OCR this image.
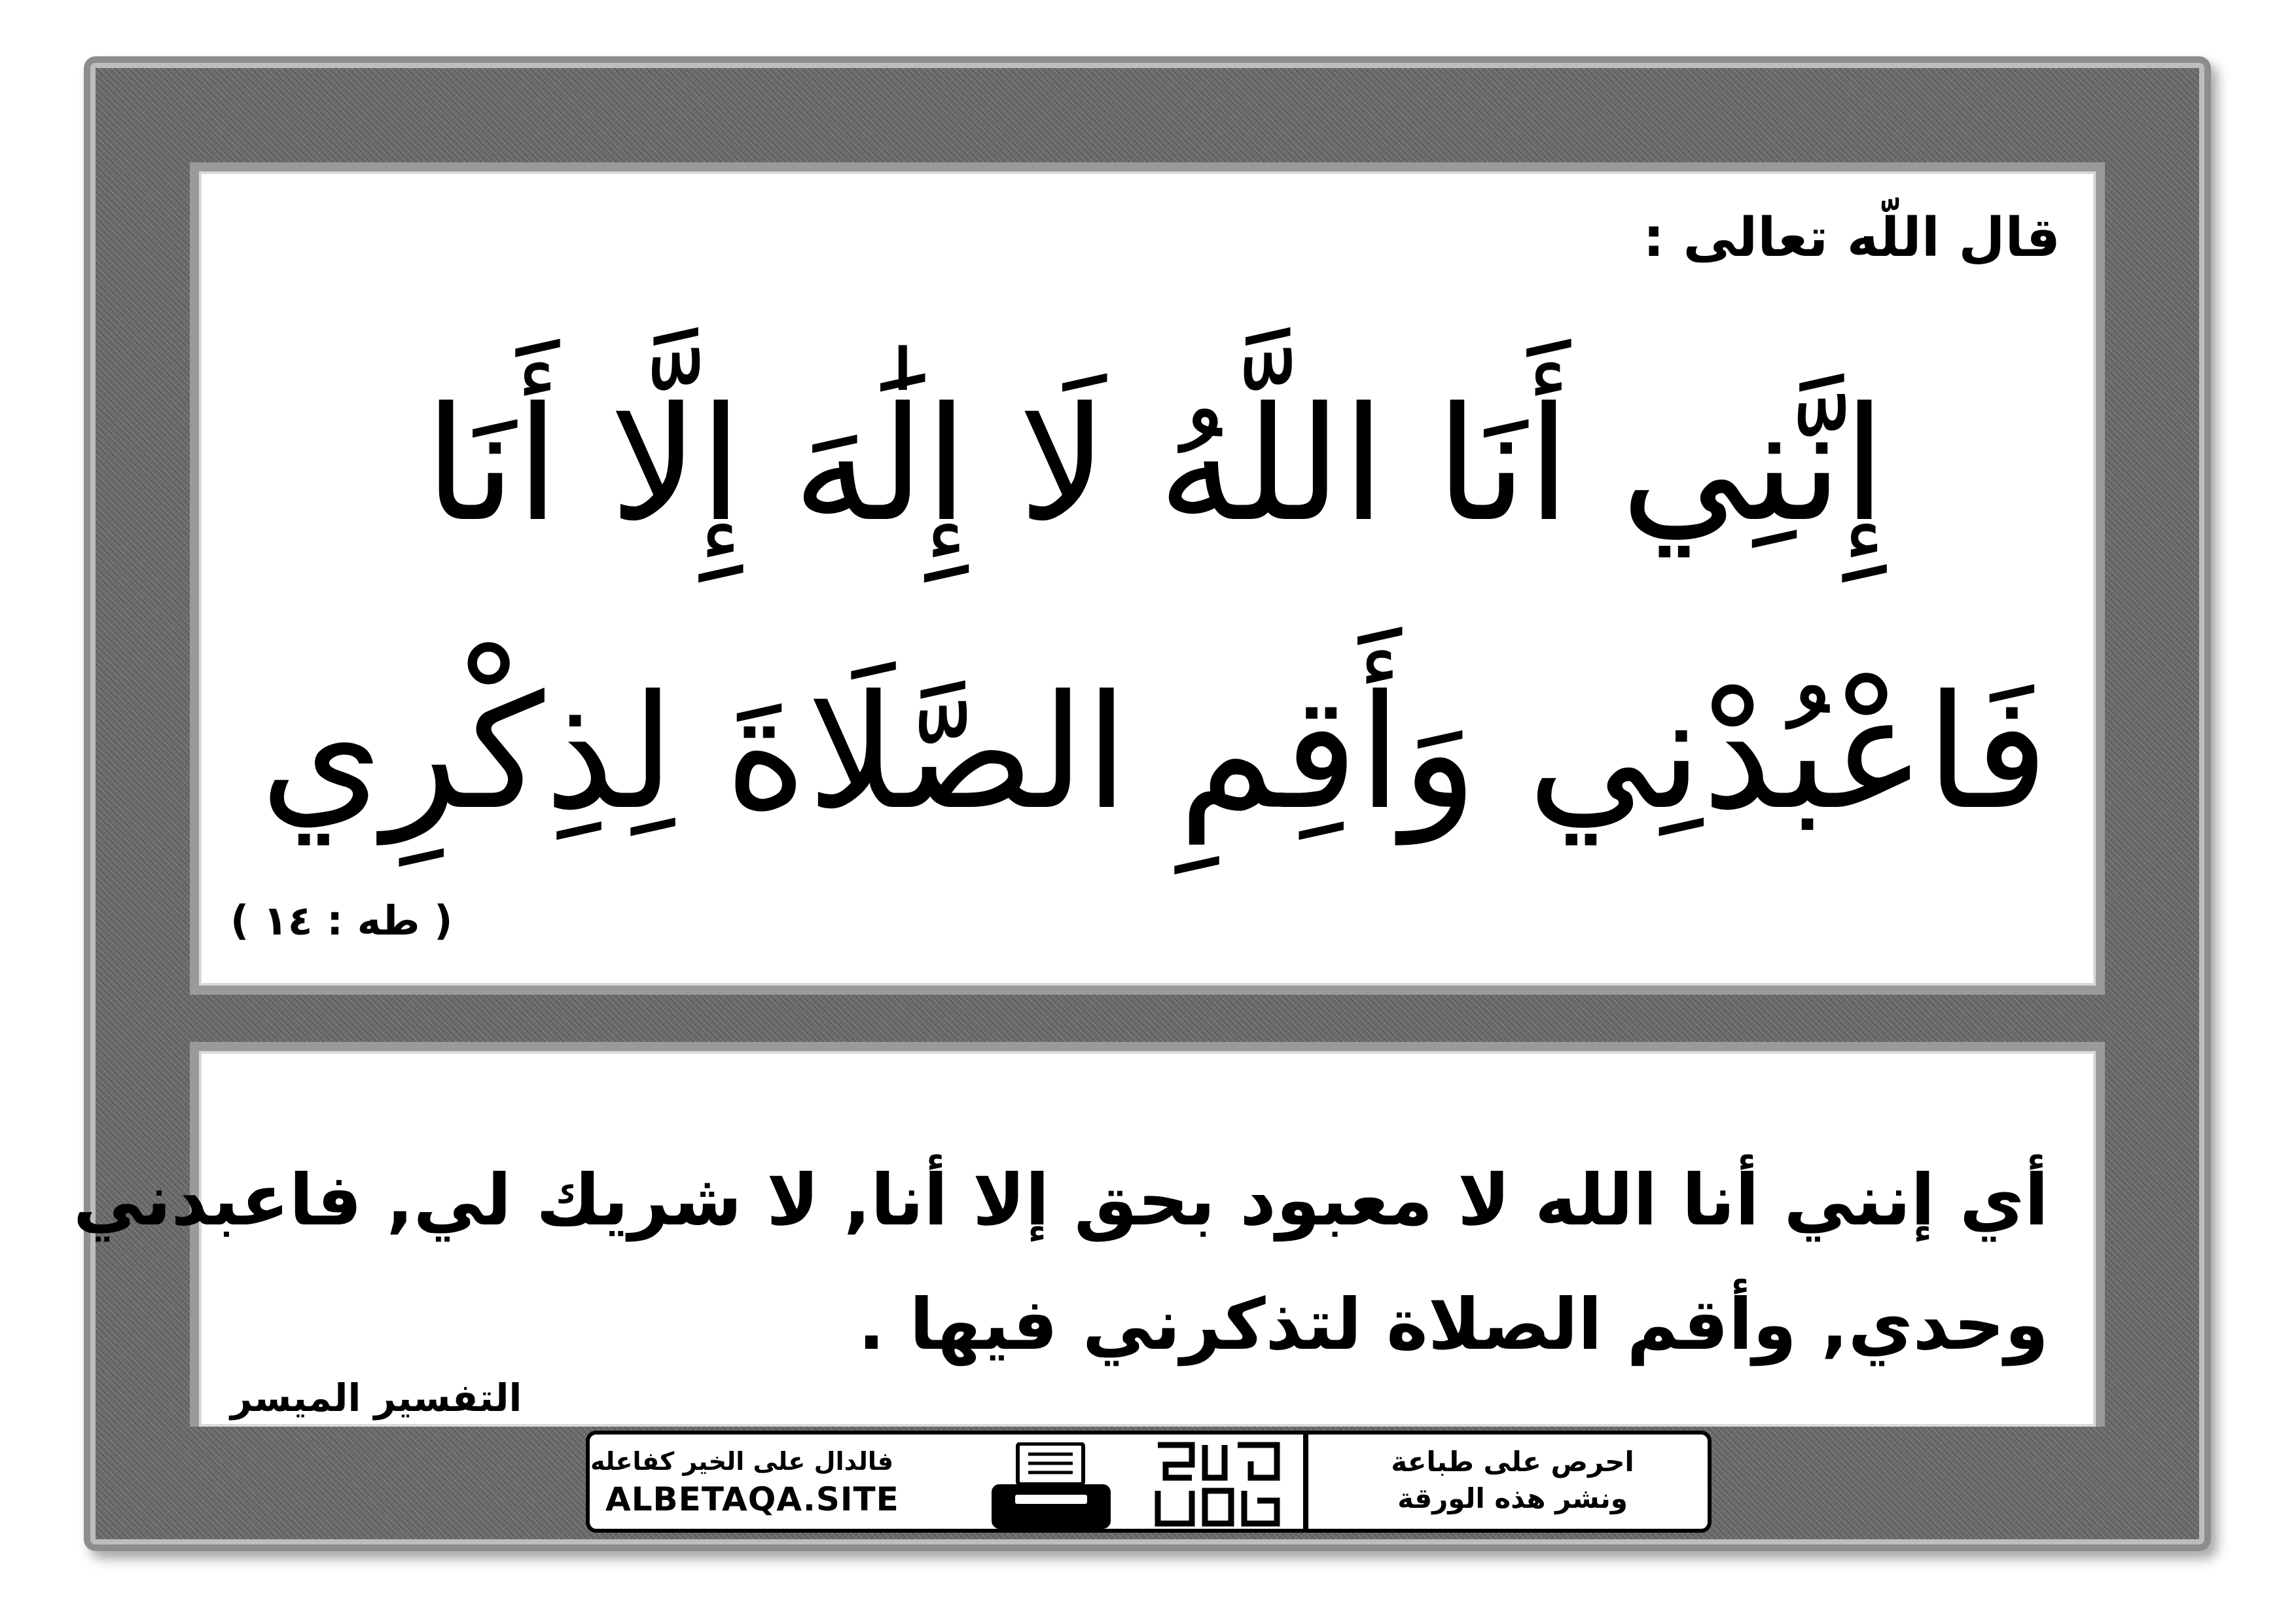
قال اللّه تعالى :
إِنَّنِي أَنَا اللَّهُ لَا إِلَٰهَ إِلَّا أَنَا
فَاعْبُدْنِي وَأَقِمِ الصَّلَاةَ لِذِكْرِي
( طه : ١٤ )
أي إنني أنا الله لا معبود بحق إلا أنا, لا شريك لي, فاعبدني
وحدي, وأقم الصلاة لتذكرني فيها .
التفسير الميسر
فالدال على الخير كفاعله
ALBETAQA.SITE
احرص على طباعة
ونشر هذه الورقة
